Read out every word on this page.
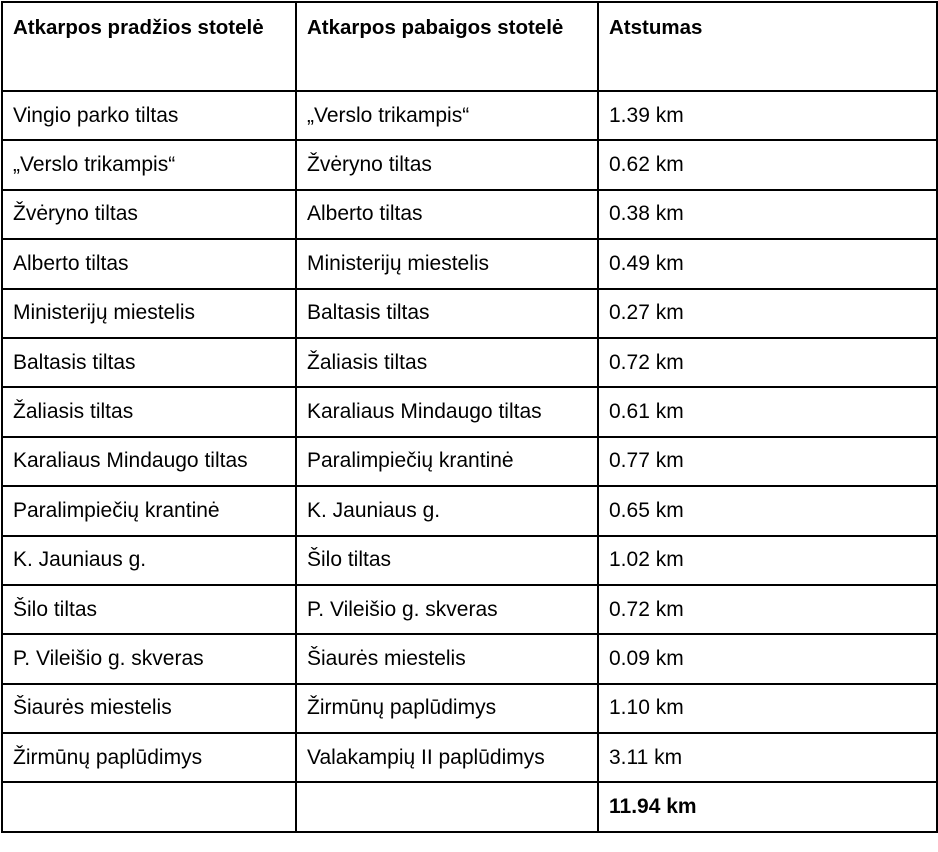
Atkarpos pradžios stotelė	Atkarpos pabaigos stotelė	Atstumas
Vingio parko tiltas	„Verslo trikampis“	1.39 km
„Verslo trikampis“	Žvėryno tiltas	0.62 km
Žvėryno tiltas	Alberto tiltas	0.38 km
Alberto tiltas	Ministerijų miestelis	0.49 km
Ministerijų miestelis	Baltasis tiltas	0.27 km
Baltasis tiltas	Žaliasis tiltas	0.72 km
Žaliasis tiltas	Karaliaus Mindaugo tiltas	0.61 km
Karaliaus Mindaugo tiltas	Paralimpiečių krantinė	0.77 km
Paralimpiečių krantinė	K. Jauniaus g.	0.65 km
K. Jauniaus g.	Šilo tiltas	1.02 km
Šilo tiltas	P. Vileišio g. skveras	0.72 km
P. Vileišio g. skveras	Šiaurės miestelis	0.09 km
Šiaurės miestelis	Žirmūnų paplūdimys	1.10 km
Žirmūnų paplūdimys	Valakampių II paplūdimys	3.11 km
		11.94 km
